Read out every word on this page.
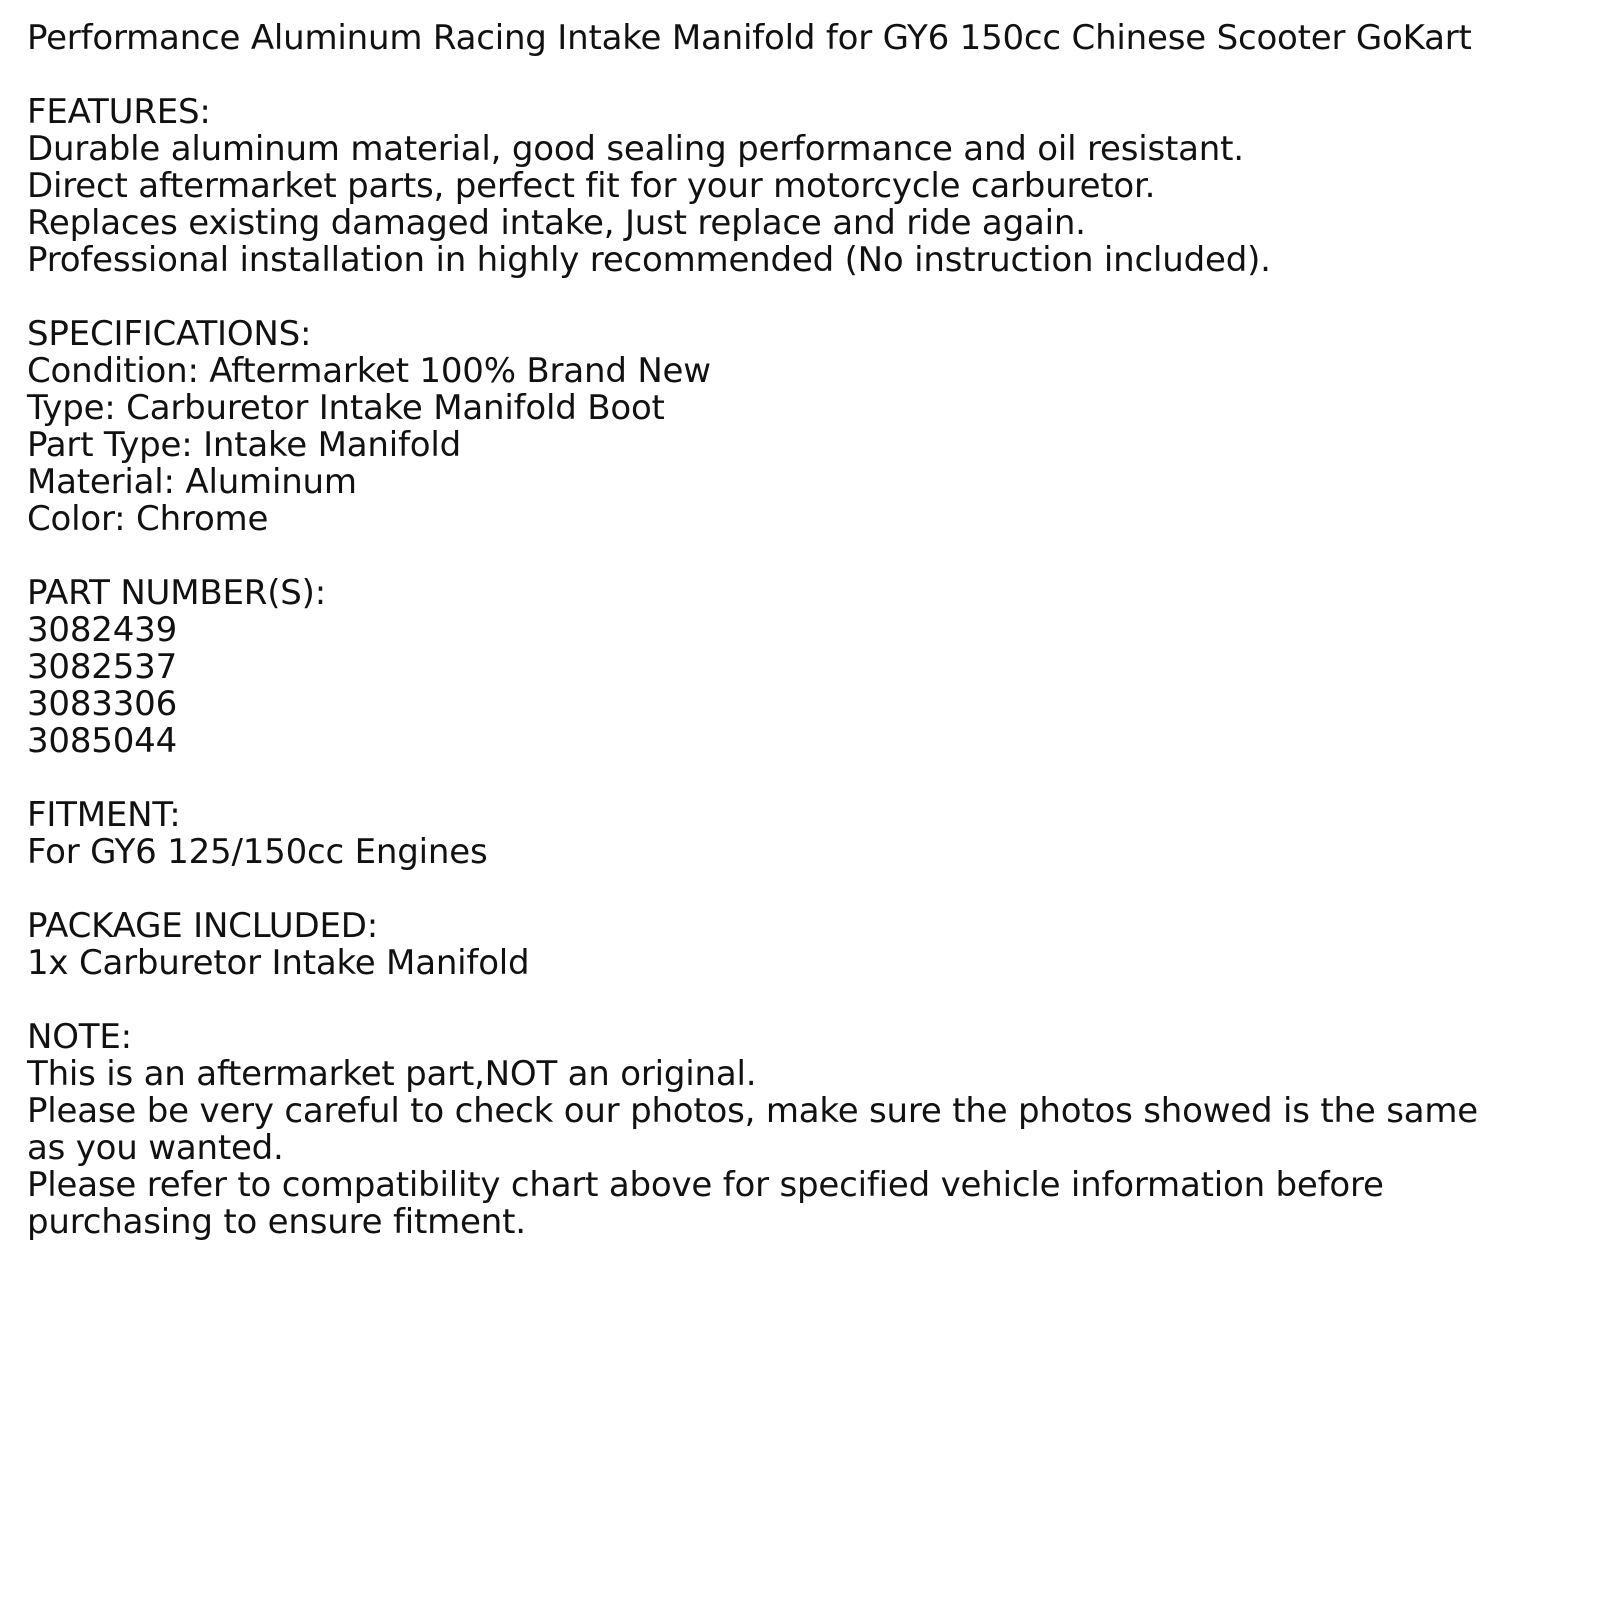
Performance Aluminum Racing Intake Manifold for GY6 150cc Chinese Scooter GoKart
FEATURES:
Durable aluminum material, good sealing performance and oil resistant.
Direct aftermarket parts, perfect fit for your motorcycle carburetor.
Replaces existing damaged intake, Just replace and ride again.
Professional installation in highly recommended (No instruction included).
SPECIFICATIONS:
Condition: Aftermarket 100% Brand New
Type: Carburetor Intake Manifold Boot
Part Type: Intake Manifold
Material: Aluminum
Color: Chrome
PART NUMBER(S):
3082439
3082537
3083306
3085044
FITMENT:
For GY6 125/150cc Engines
PACKAGE INCLUDED:
1x Carburetor Intake Manifold
NOTE:
This is an aftermarket part,NOT an original.
Please be very careful to check our photos, make sure the photos showed is the same
as you wanted.
Please refer to compatibility chart above for specified vehicle information before
purchasing to ensure fitment.
